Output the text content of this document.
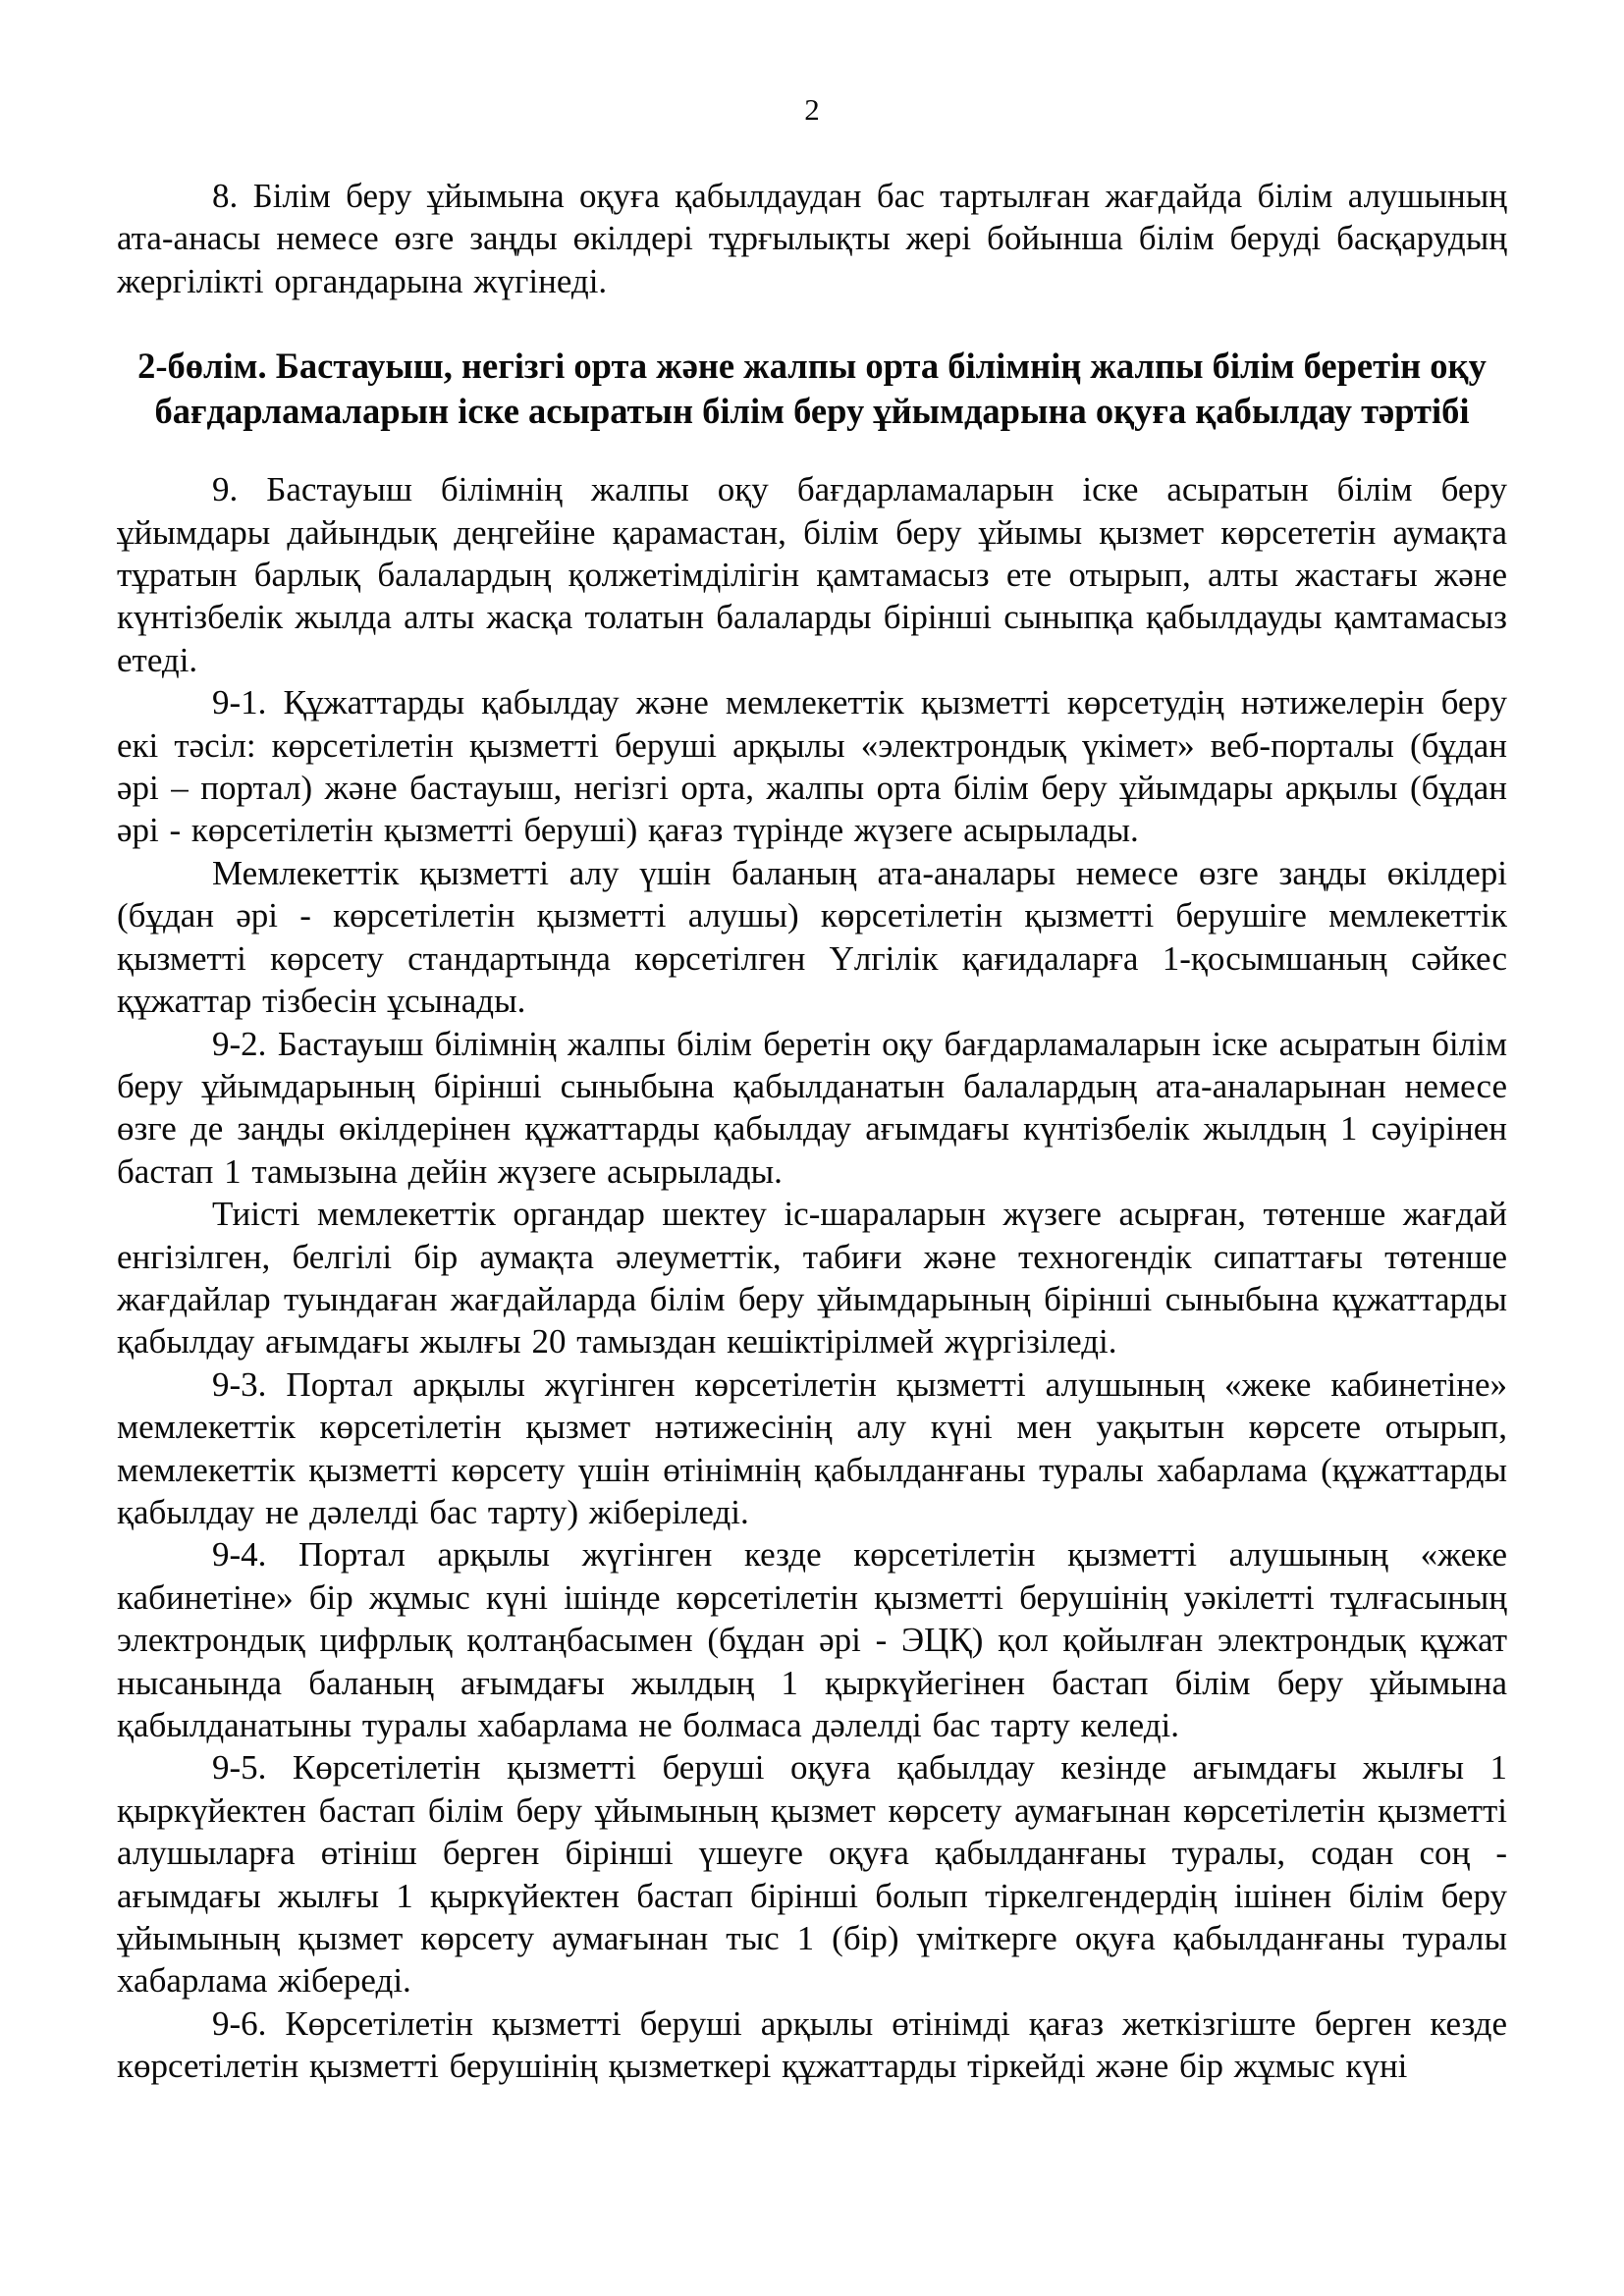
2

8. Білім беру ұйымына оқуға қабылдаудан бас тартылған жағдайда білім алушының ата-анасы немесе өзге заңды өкілдері тұрғылықты жері бойынша білім беруді басқарудың жергілікті органдарына жүгінеді.

2-бөлім. Бастауыш, негізгі орта және жалпы орта білімнің жалпы білім беретін оқу бағдарламаларын іске асыратын білім беру ұйымдарына оқуға қабылдау тәртібі

9. Бастауыш білімнің жалпы оқу бағдарламаларын іске асыратын білім беру ұйымдары дайындық деңгейіне қарамастан, білім беру ұйымы қызмет көрсететін аумақта тұратын барлық балалардың қолжетімділігін қамтамасыз ете отырып, алты жастағы және күнтізбелік жылда алты жасқа толатын балаларды бірінші сыныпқа қабылдауды қамтамасыз етеді.

9-1. Құжаттарды қабылдау және мемлекеттік қызметті көрсетудің нәтижелерін беру екі тәсіл: көрсетілетін қызметті беруші арқылы «электрондық үкімет» веб-порталы (бұдан әрі – портал) және бастауыш, негізгі орта, жалпы орта білім беру ұйымдары арқылы (бұдан әрі - көрсетілетін қызметті беруші) қағаз түрінде жүзеге асырылады.

Мемлекеттік қызметті алу үшін баланың ата-аналары немесе өзге заңды өкілдері (бұдан әрі - көрсетілетін қызметті алушы) көрсетілетін қызметті берушіге мемлекеттік қызметті көрсету стандартында көрсетілген Үлгілік қағидаларға 1-қосымшаның сәйкес құжаттар тізбесін ұсынады.

9-2. Бастауыш білімнің жалпы білім беретін оқу бағдарламаларын іске асыратын білім беру ұйымдарының бірінші сыныбына қабылданатын балалардың ата-аналарынан немесе өзге де заңды өкілдерінен құжаттарды қабылдау ағымдағы күнтізбелік жылдың 1 сәуірінен бастап 1 тамызына дейін жүзеге асырылады.

Тиісті мемлекеттік органдар шектеу іс-шараларын жүзеге асырған, төтенше жағдай енгізілген, белгілі бір аумақта әлеуметтік, табиғи және техногендік сипаттағы төтенше жағдайлар туындаған жағдайларда білім беру ұйымдарының бірінші сыныбына құжаттарды қабылдау ағымдағы жылғы 20 тамыздан кешіктірілмей жүргізіледі.

9-3. Портал арқылы жүгінген көрсетілетін қызметті алушының «жеке кабинетіне» мемлекеттік көрсетілетін қызмет нәтижесінің алу күні мен уақытын көрсете отырып, мемлекеттік қызметті көрсету үшін өтінімнің қабылданғаны туралы хабарлама (құжаттарды қабылдау не дәлелді бас тарту) жіберіледі.

9-4. Портал арқылы жүгінген кезде көрсетілетін қызметті алушының «жеке кабинетіне» бір жұмыс күні ішінде көрсетілетін қызметті берушінің уәкілетті тұлғасының электрондық цифрлық қолтаңбасымен (бұдан әрі - ЭЦҚ) қол қойылған электрондық құжат нысанында баланың ағымдағы жылдың 1 қыркүйегінен бастап білім беру ұйымына қабылданатыны туралы хабарлама не болмаса дәлелді бас тарту келеді.

9-5. Көрсетілетін қызметті беруші оқуға қабылдау кезінде ағымдағы жылғы 1 қыркүйектен бастап білім беру ұйымының қызмет көрсету аумағынан көрсетілетін қызметті алушыларға өтініш берген бірінші үшеуге оқуға қабылданғаны туралы, содан соң - ағымдағы жылғы 1 қыркүйектен бастап бірінші болып тіркелгендердің ішінен білім беру ұйымының қызмет көрсету аумағынан тыс 1 (бір) үміткерге оқуға қабылданғаны туралы хабарлама жібереді.

9-6. Көрсетілетін қызметті беруші арқылы өтінімді қағаз жеткізгіште берген кезде көрсетілетін қызметті берушінің қызметкері құжаттарды тіркейді және бір жұмыс күні
